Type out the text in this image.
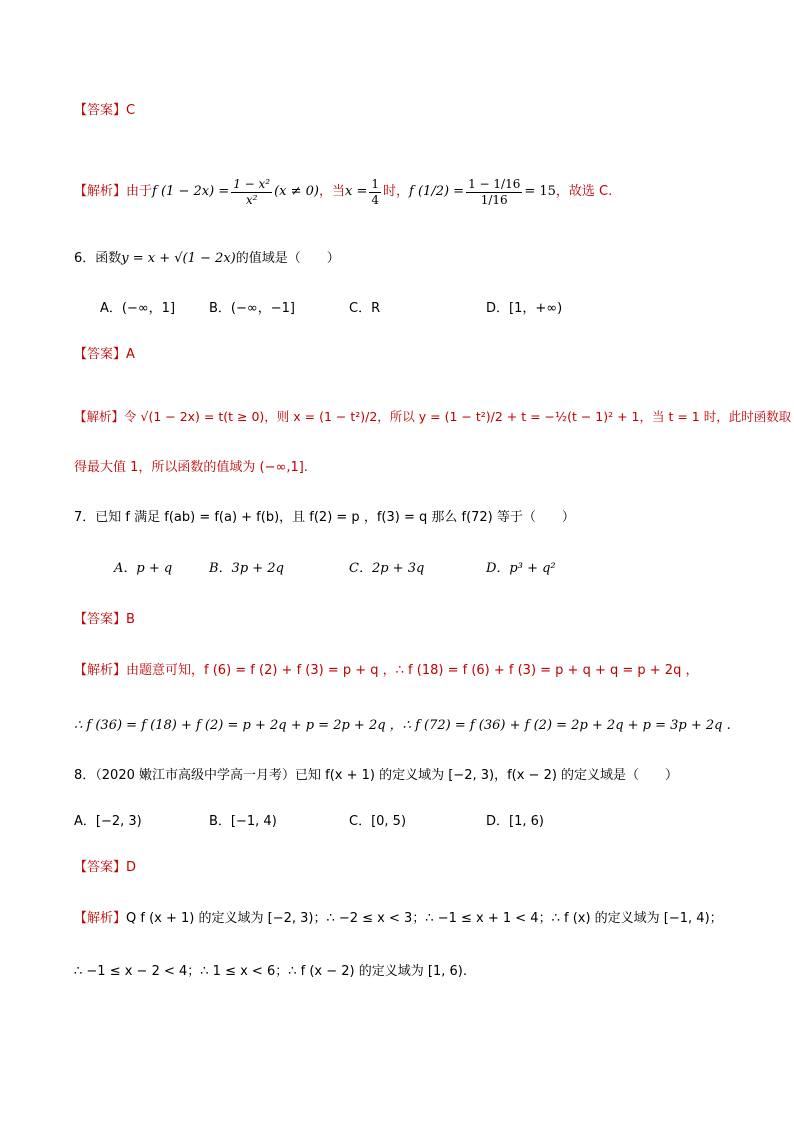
【答案】C
【解析】 由于 f $(1 - 2x) = \frac{\text{1 − x²}}{\text{x²}} (x \ne 0)$ ，当 $x = \frac{1}{4}$ 时， f $(1/2) = \frac{1 - 1/16}{1/16} = 15$ ，故选 C.
6．函数y = x + √(1 − 2x)的值域是（　　）
A．(−∞，1]	B．(−∞，−1]	C．R	D．[1，+∞)
【答案】A
【解析】令 √(1 − 2x) = t(t ≥ 0)，则 x = (1 − t²)/2，所以 y = (1 − t²)/2 + t = −½(t − 1)² + 1，当 t = 1 时，此时函数取
得最大值 1，所以函数的值域为 (−∞,1].
7．已知 f 满足 f(ab) = f(a) + f(b)，且 f(2) = p ，f(3) = q 那么 f(72) 等于（　　）
A．p + q	B．3p + 2q	C．2p + 3q	D．p³ + q²
【答案】B
【解析】由题意可知，f (6) = f (2) + f (3) = p + q ，∴ f (18) = f (6) + f (3) = p + q + q = p + 2q ，
∴ f (36) = f (18) + f (2) = p + 2q + p = 2p + 2q ，∴ f (72) = f (36) + f (2) = 2p + 2q + p = 3p + 2q .
8．（2020 嫩江市高级中学高一月考）已知 f(x + 1) 的定义域为 [−2, 3)，f(x − 2) 的定义域是（　　）
A．[−2, 3)	B．[−1, 4)	C．[0, 5)	D．[1, 6)
【答案】D
【解析】Q f (x + 1) 的定义域为 [−2, 3)；∴ −2 ≤ x < 3；∴ −1 ≤ x + 1 < 4；∴ f (x) 的定义域为 [−1, 4)；
∴ −1 ≤ x − 2 < 4；∴ 1 ≤ x < 6；∴ f (x − 2) 的定义域为 [1, 6).
